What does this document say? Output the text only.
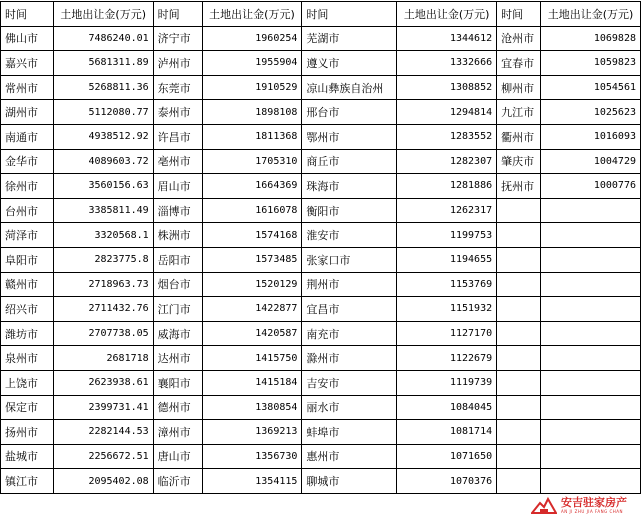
时间	土地出让金(万元)	时间	土地出让金(万元)	时间	土地出让金(万元)	时间	土地出让金(万元)
佛山市	7486240.01	济宁市	1960254	芜湖市	1344612	沧州市	1069828
嘉兴市	5681311.89	泸州市	1955904	遵义市	1332666	宜春市	1059823
常州市	5268811.36	东莞市	1910529	凉山彝族自治州	1308852	柳州市	1054561
湖州市	5112080.77	泰州市	1898108	邢台市	1294814	九江市	1025623
南通市	4938512.92	许昌市	1811368	鄂州市	1283552	衢州市	1016093
金华市	4089603.72	亳州市	1705310	商丘市	1282307	肇庆市	1004729
徐州市	3560156.63	眉山市	1664369	珠海市	1281886	抚州市	1000776
台州市	3385811.49	淄博市	1616078	衡阳市	1262317		
菏泽市	3320568.1	株洲市	1574168	淮安市	1199753		
阜阳市	2823775.8	岳阳市	1573485	张家口市	1194655		
赣州市	2718963.73	烟台市	1520129	荆州市	1153769		
绍兴市	2711432.76	江门市	1422877	宜昌市	1151932		
潍坊市	2707738.05	威海市	1420587	南充市	1127170		
泉州市	2681718	达州市	1415750	滁州市	1122679		
上饶市	2623938.61	襄阳市	1415184	吉安市	1119739		
保定市	2399731.41	德州市	1380854	丽水市	1084045		
扬州市	2282144.53	漳州市	1369213	蚌埠市	1081714		
盐城市	2256672.51	唐山市	1356730	惠州市	1071650		
镇江市	2095402.08	临沂市	1354115	聊城市	1070376		
安吉驻家房产
AN JI ZHU JIA FANG CHAN
